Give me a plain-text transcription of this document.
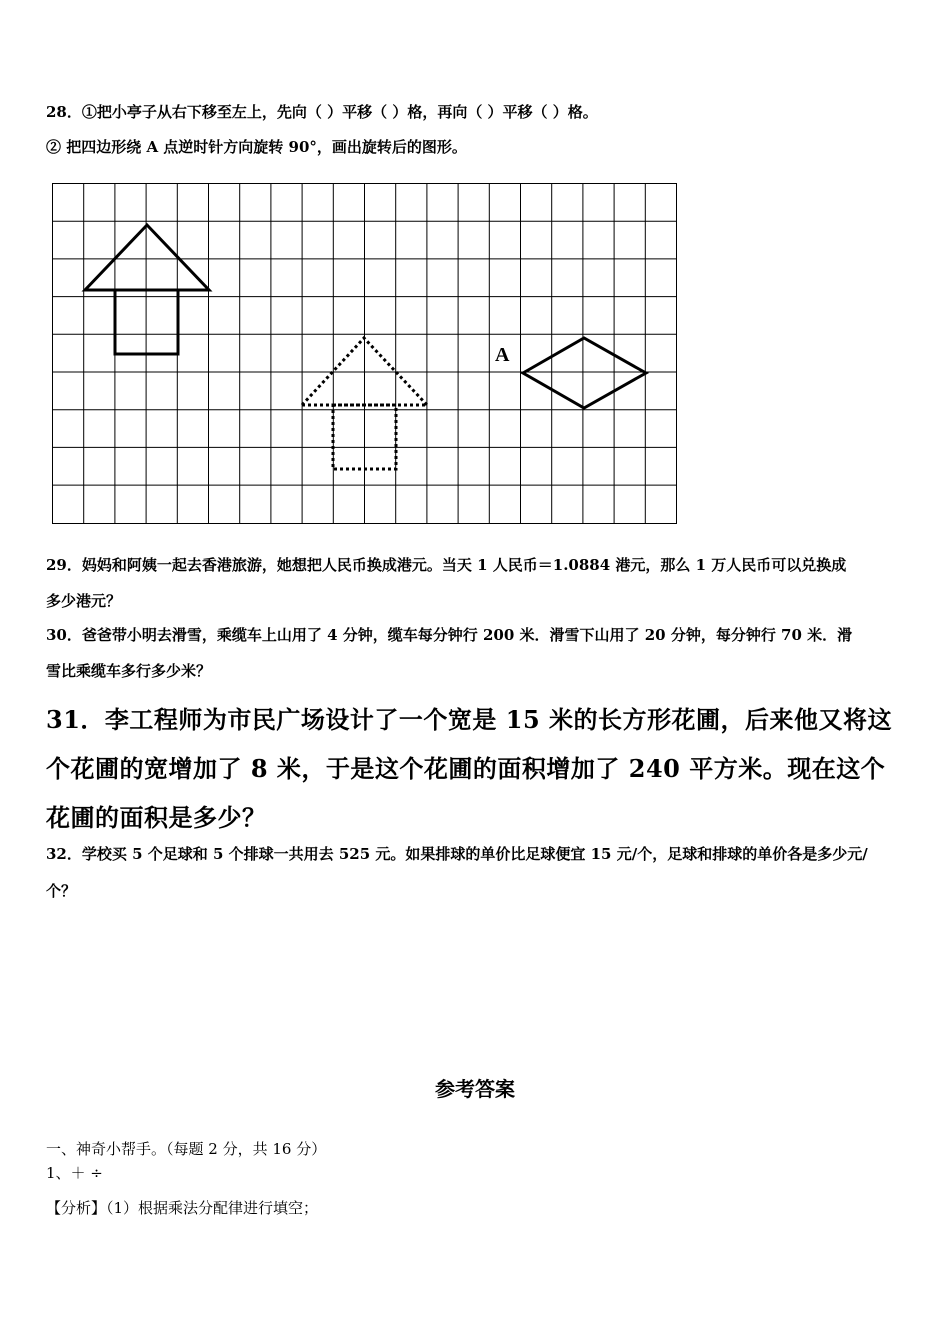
28．①把小亭子从右下移至左上，先向（ ）平移（ ）格，再向（ ）平移（ ）格。
② 把四边形绕 A 点逆时针方向旋转 90°，画出旋转后的图形。
A
29．妈妈和阿姨一起去香港旅游，她想把人民币换成港元。当天 1 人民币＝1.0884 港元，那么 1 万人民币可以兑换成
多少港元？
30．爸爸带小明去滑雪，乘缆车上山用了 4 分钟，缆车每分钟行 200 米．滑雪下山用了 20 分钟，每分钟行 70 米．滑
雪比乘缆车多行多少米？
31．李工程师为市民广场设计了一个宽是 15 米的长方形花圃，后来他又将这
个花圃的宽增加了 8 米，于是这个花圃的面积增加了 240 平方米。现在这个
花圃的面积是多少？
32．学校买 5 个足球和 5 个排球一共用去 525 元。如果排球的单价比足球便宜 15 元/个，足球和排球的单价各是多少元/
个？
参考答案
一、神奇小帮手。（每题 2 分，共 16 分）
1、＋ ÷
【分析】（1）根据乘法分配律进行填空；
